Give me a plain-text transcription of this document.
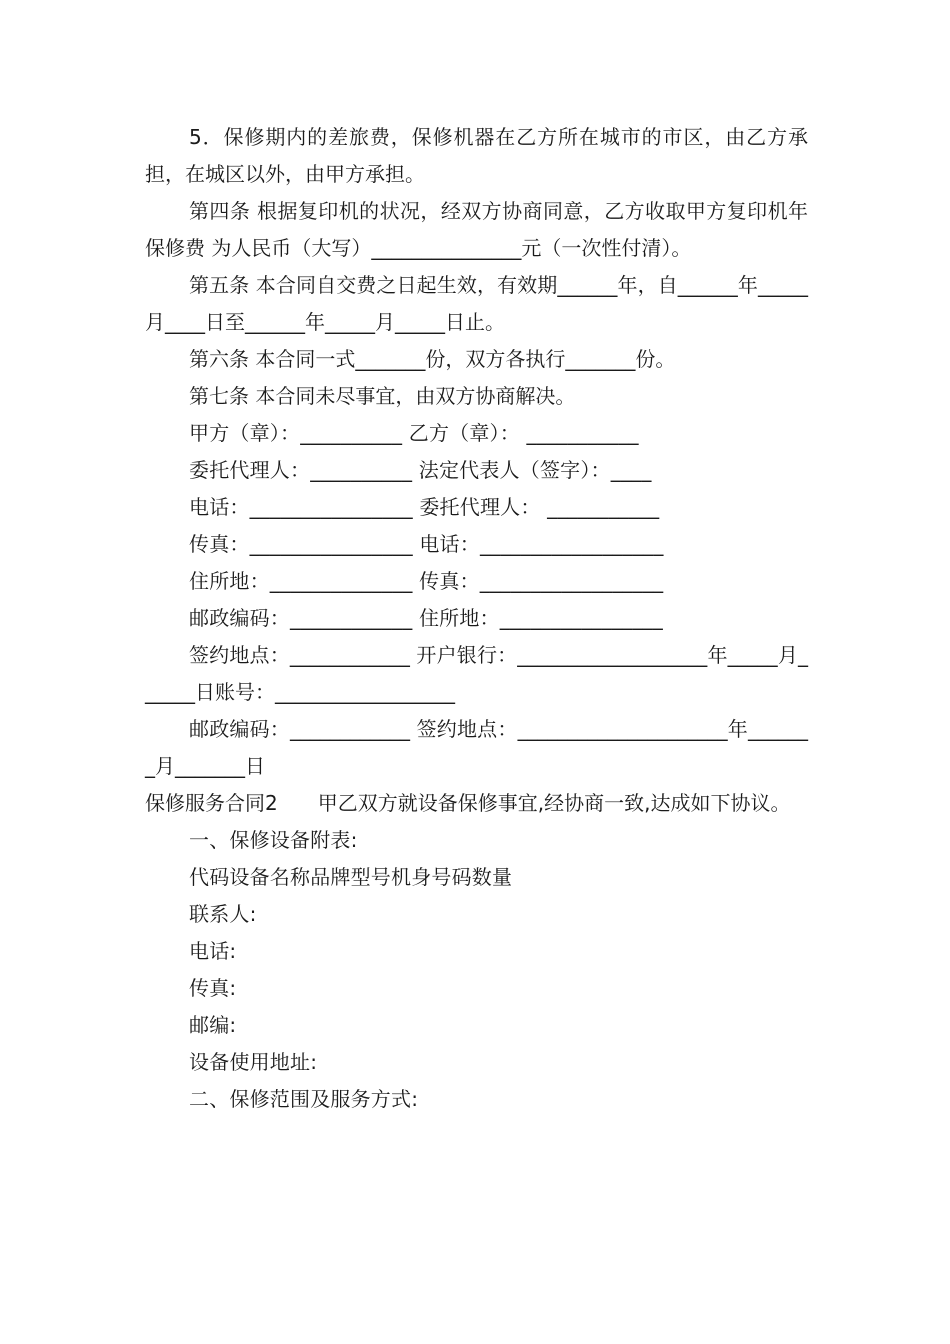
5．保修期内的差旅费，保修机器在乙方所在城市的市区，由乙方承担，在城区以外，由甲方承担。

第四条 根据复印机的状况，经双方协商同意，乙方收取甲方复印机年保修费 为人民币（大写）_______________元（一次性付清）。

第五条 本合同自交费之日起生效，有效期______年，自______年_____月____日至______年_____月_____日止。

第六条 本合同一式_______份，双方各执行_______份。

第七条 本合同未尽事宜，由双方协商解决。

甲方（章）：__________ 乙方（章）： ___________

委托代理人：__________ 法定代表人（签字）：____

电话：________________ 委托代理人： ___________

传真：________________ 电话：__________________

住所地：______________ 传真：__________________

邮政编码：____________ 住所地：________________

签约地点：____________ 开户银行：___________________年_____月______日账号：__________________

邮政编码：____________ 签约地点：_____________________年_______月_______日

保修服务合同2　　甲乙双方就设备保修事宜,经协商一致,达成如下协议。

一、保修设备附表:

代码设备名称品牌型号机身号码数量

联系人:

电话:

传真:

邮编:

设备使用地址:

二、保修范围及服务方式:
